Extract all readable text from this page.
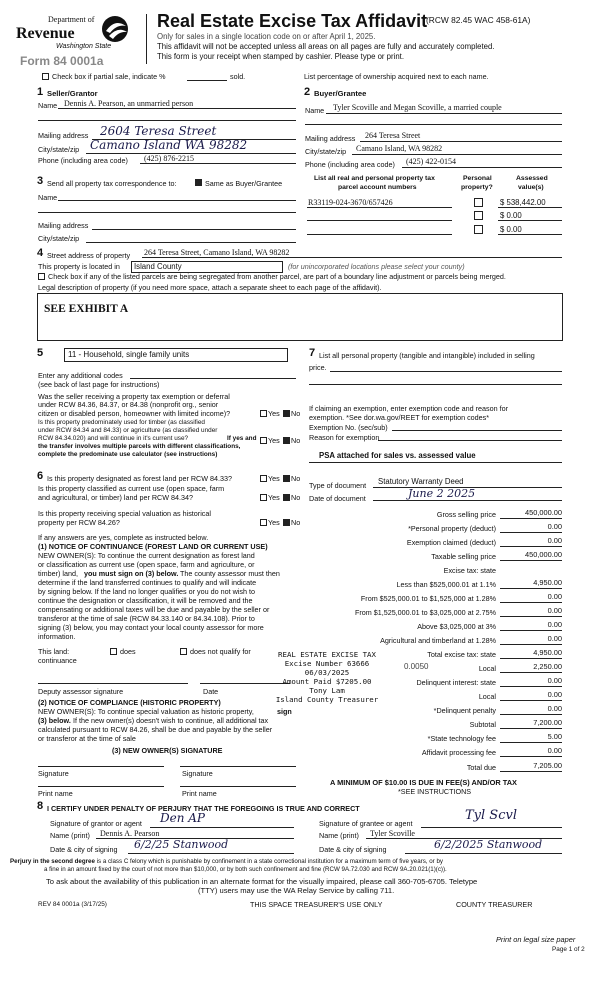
Department of
Revenue
Washington State
Form 84 0001a
Real Estate Excise Tax Affidavit
(RCW 82.45 WAC 458-61A)
Only for sales in a single location code on or after April 1, 2025.
This affidavit will not be accepted unless all areas on all pages are fully and accurately completed.
This form is your receipt when stamped by cashier. Please type or print.
Check box if partial sale, indicate %	sold.	List percentage of ownership acquired next to each name.
1 Seller/Grantor
Name Dennis A. Pearson, an unmarried person
Mailing address 2604 Teresa Street
City/state/zip Camano Island WA 98282
Phone (including area code) (425) 876-2215
2 Buyer/Grantee
Name Tyler Scoville and Megan Scoville, a married couple
Mailing address 264 Teresa Street
City/state/zip Camano Island, WA 98282
Phone (including area code) (425) 422-0154
3 Send all property tax correspondence to:	Same as Buyer/Grantee
Name
Mailing address
City/state/zip
List all real and personal property tax
parcel account numbers
Personal
property?
Assessed
value(s)
R33119-024-3670/657426	$ 538,442.00
$ 0.00
$ 0.00
4 Street address of property 264 Teresa Street, Camano Island, WA 98282
This property is located in Island County	(for unincorporated locations please select your county)
Check box if any of the listed parcels are being segregated from another parcel, are part of a boundary line adjustment or parcels being merged.
Legal description of property (if you need more space, attach a separate sheet to each page of the affidavit).
SEE EXHIBIT A
5	11 - Household, single family units
Enter any additional codes
(see back of last page for instructions)
Was the seller receiving a property tax exemption or deferral
under RCW 84.36, 84.37, or 84.38 (nonprofit org., senior
citizen or disabled person, homeowner with limited income)?	Yes No
Is this property predominately used for timber (as classified
under RCW 84.34 and 84.33) or agriculture (as classified under
RCW 84.34.020) and will continue in it's current use?	If yes and
the transfer involves multiple parcels with different classifications,
complete the predominate use calculator (see instructions)
Yes No
7 List all personal property (tangible and intangible) included in selling
price.
If claiming an exemption, enter exemption code and reason for
exemption. *See dor.wa.gov/REET for exemption codes*
Exemption No. (sec/sub)
Reason for exemption
PSA attached for sales vs. assessed value
6 Is this property designated as forest land per RCW 84.33?	Yes No
Is this property classified as current use (open space, farm
and agricultural, or timber) land per RCW 84.34?	Yes No
Is this property receiving special valuation as historical
property per RCW 84.26?	Yes No
If any answers are yes, complete as instructed below.
(1) NOTICE OF CONTINUANCE (FOREST LAND OR CURRENT USE)
NEW OWNER(S): To continue the current designation as forest land
or classification as current use (open space, farm and agriculture, or
timber) land, you must sign on (3) below. The county assessor must then
determine if the land transferred continues to qualify and will indicate
by signing below. If the land no longer qualifies or you do not wish to
continue the designation or classification, it will be removed and the
compensating or additional taxes will be due and payable by the seller or
transferor at the time of sale (RCW 84.33.140 or 84.34.108). Prior to
signing (3) below, you may contact your local county assessor for more
information.
This land:
continuance
does	does not qualify for
Deputy assessor signature	Date
(2) NOTICE OF COMPLIANCE (HISTORIC PROPERTY)
NEW OWNER(S): To continue special valuation as historic property,	sign
(3) below. If the new owner(s) doesn't wish to continue, all additional tax
calculated pursuant to RCW 84.26, shall be due and payable by the seller
or transferor at the time of sale
(3) NEW OWNER(S) SIGNATURE
Signature	Signature
Print name	Print name
Type of document Statutory Warranty Deed
Date of document	June 2 2025
Gross selling price	450,000.00
*Personal property (deduct)	0.00
Exemption claimed (deduct)	0.00
Taxable selling price	450,000.00
Excise tax: state
Less than $525,000.01 at 1.1%	4,950.00
From $525,000.01 to $1,525,000 at 1.28%	0.00
From $1,525,000.01 to $3,025,000 at 2.75%	0.00
Above $3,025,000 at 3%	0.00
Agricultural and timberland at 1.28%	0.00
Total excise tax: state	4,950.00
Local	2,250.00
Delinquent interest: state	0.00
Local	0.00
*Delinquent penalty	0.00
Subtotal	7,200.00
*State technology fee	5.00
Affidavit processing fee	0.00
Total due	7,205.00
0.0050
A MINIMUM OF $10.00 IS DUE IN FEE(S) AND/OR TAX
*SEE INSTRUCTIONS
REAL ESTATE EXCISE TAX
Excise Number 63666
06/03/2025
Amount Paid $7205.00
Tony Lam
Island County Treasurer
8 I CERTIFY UNDER PENALTY OF PERJURY THAT THE FOREGOING IS TRUE AND CORRECT
Signature of grantor or agent Den AP
Name (print) Dennis A. Pearson
Date & city of signing 6/2/25 Stanwood
Signature of grantee or agent
Tyl Scvl
Name (print) Tyler Scoville
Date & city of signing	6/2/2025 Stanwood
Perjury in the second degree is a class C felony which is punishable by confinement in a state correctional institution for a maximum term of five years, or by
a fine in an amount fixed by the court of not more than $10,000, or by both such confinement and fine (RCW 9A.72.030 and RCW 9A.20.021(1)(c)).
To ask about the availability of this publication in an alternate format for the visually impaired, please call 360-705-6705. Teletype
(TTY) users may use the WA Relay Service by calling 711.
REV 84 0001a (3/17/25)	THIS SPACE TREASURER'S USE ONLY	COUNTY TREASURER
Print on legal size paper
Page 1 of 2
